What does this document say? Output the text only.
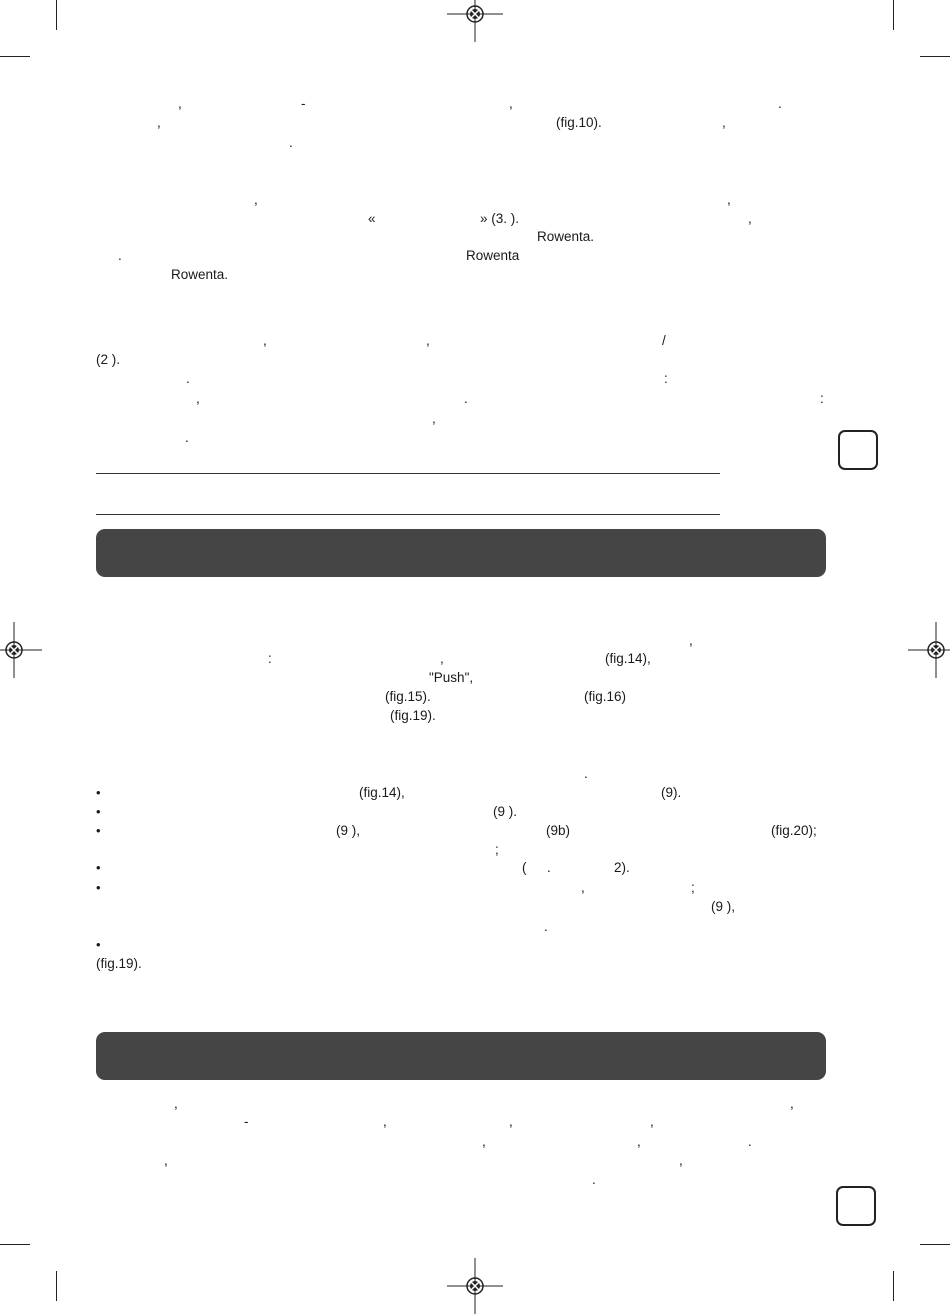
,	-	,	.
,	(fig.10).	,
.
,	,
«	» (3. ).	,
Rowenta.
.	Rowenta
Rowenta.
,	,	/
(2 ).
.	:
,	.	:
,
.
,
:	,	(fig.14),
"Push",
(fig.15).	(fig.16)
(fig.19).
.
•	(fig.14),	(9).
•	(9 ).
•	(9 ),	(9b)	(fig.20);
;
•	( .	2).
•	,	;
(9 ),
.
•
(fig.19).
,	,
-	,	,	,
,	,	.
,	,
.
